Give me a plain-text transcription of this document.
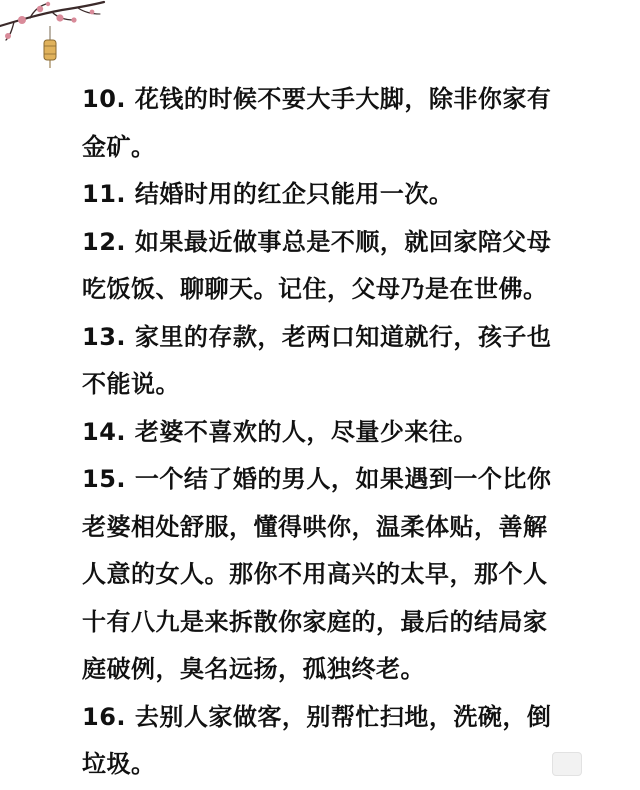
10. 花钱的时候不要大手大脚，除非你家有
金矿。
11. 结婚时用的红企只能用一次。
12. 如果最近做事总是不顺，就回家陪父母
吃饭饭、聊聊天。记住，父母乃是在世佛。
13. 家里的存款，老两口知道就行，孩子也
不能说。
14. 老婆不喜欢的人，尽量少来往。
15. 一个结了婚的男人，如果遇到一个比你
老婆相处舒服，懂得哄你，温柔体贴，善解
人意的女人。那你不用高兴的太早，那个人
十有八九是来拆散你家庭的，最后的结局家
庭破例，臭名远扬，孤独终老。
16. 去别人家做客，别帮忙扫地，洗碗，倒
垃圾。
